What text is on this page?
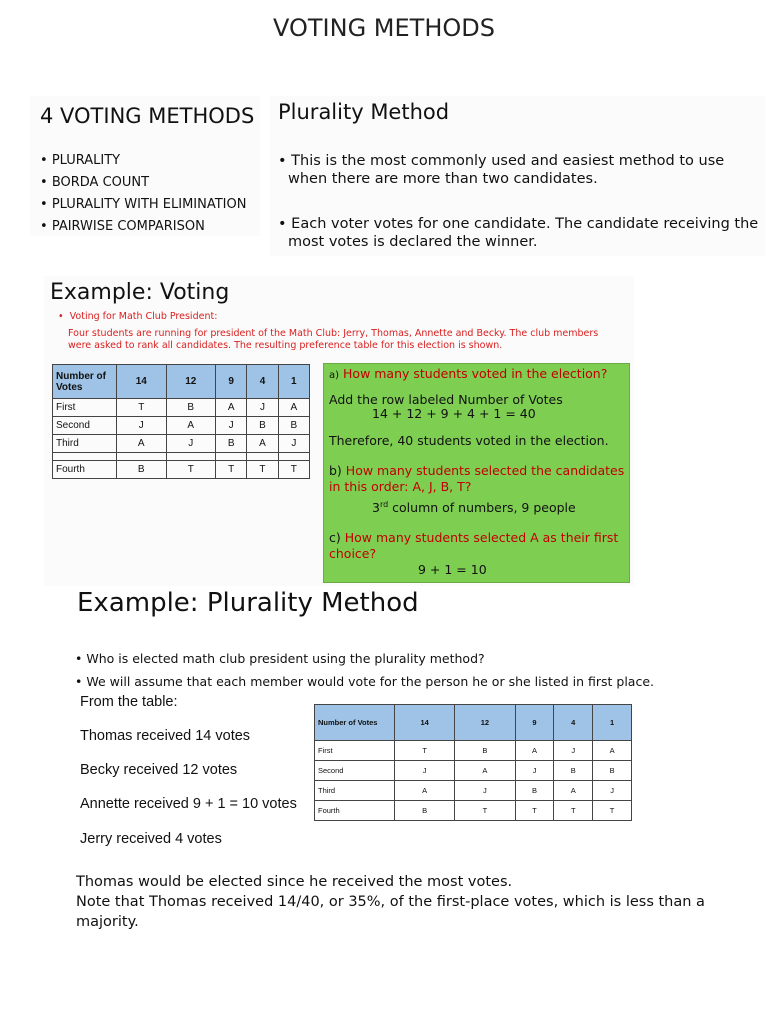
VOTING METHODS
4 VOTING METHODS
• PLURALITY
• BORDA COUNT
• PLURALITY WITH ELIMINATION
• PAIRWISE COMPARISON
Plurality Method
• This is the most commonly used and easiest method to use when there are more than two candidates.
• Each voter votes for one candidate. The candidate receiving the most votes is declared the winner.
Example: Voting
•  Voting for Math Club President:
Four students are running for president of the Math Club: Jerry, Thomas, Annette and Becky. The club members were asked to rank all candidates. The resulting preference table for this election is shown.
Number of Votes	14	12	9	4	1
First	T	B	A	J	A
Second	J	A	J	B	B
Third	A	J	B	A	J

Fourth	B	T	T	T	T

a) How many students voted in the election?

Add the row labeled Number of Votes

14 + 12 + 9 + 4 + 1 = 40

Therefore, 40 students voted in the election.

b) How many students selected the candidates in this order: A, J, B, T?

3rd column of numbers, 9 people

c) How many students selected A as their first choice?

9 + 1 = 10

Example: Plurality Method
• Who is elected math club president using the plurality method?
• We will assume that each member would vote for the person he or she listed in first place.
From the table:
Thomas received 14 votes
Becky received 12 votes
Annette received 9 + 1 = 10 votes
Jerry received 4 votes
Number of Votes	14	12	9	4	1
First	T	B	A	J	A
Second	J	A	J	B	B
Third	A	J	B	A	J
Fourth	B	T	T	T	T
Thomas would be elected since he received the most votes.
Note that Thomas received 14/40, or 35%, of the first-place votes, which is less than a majority.
